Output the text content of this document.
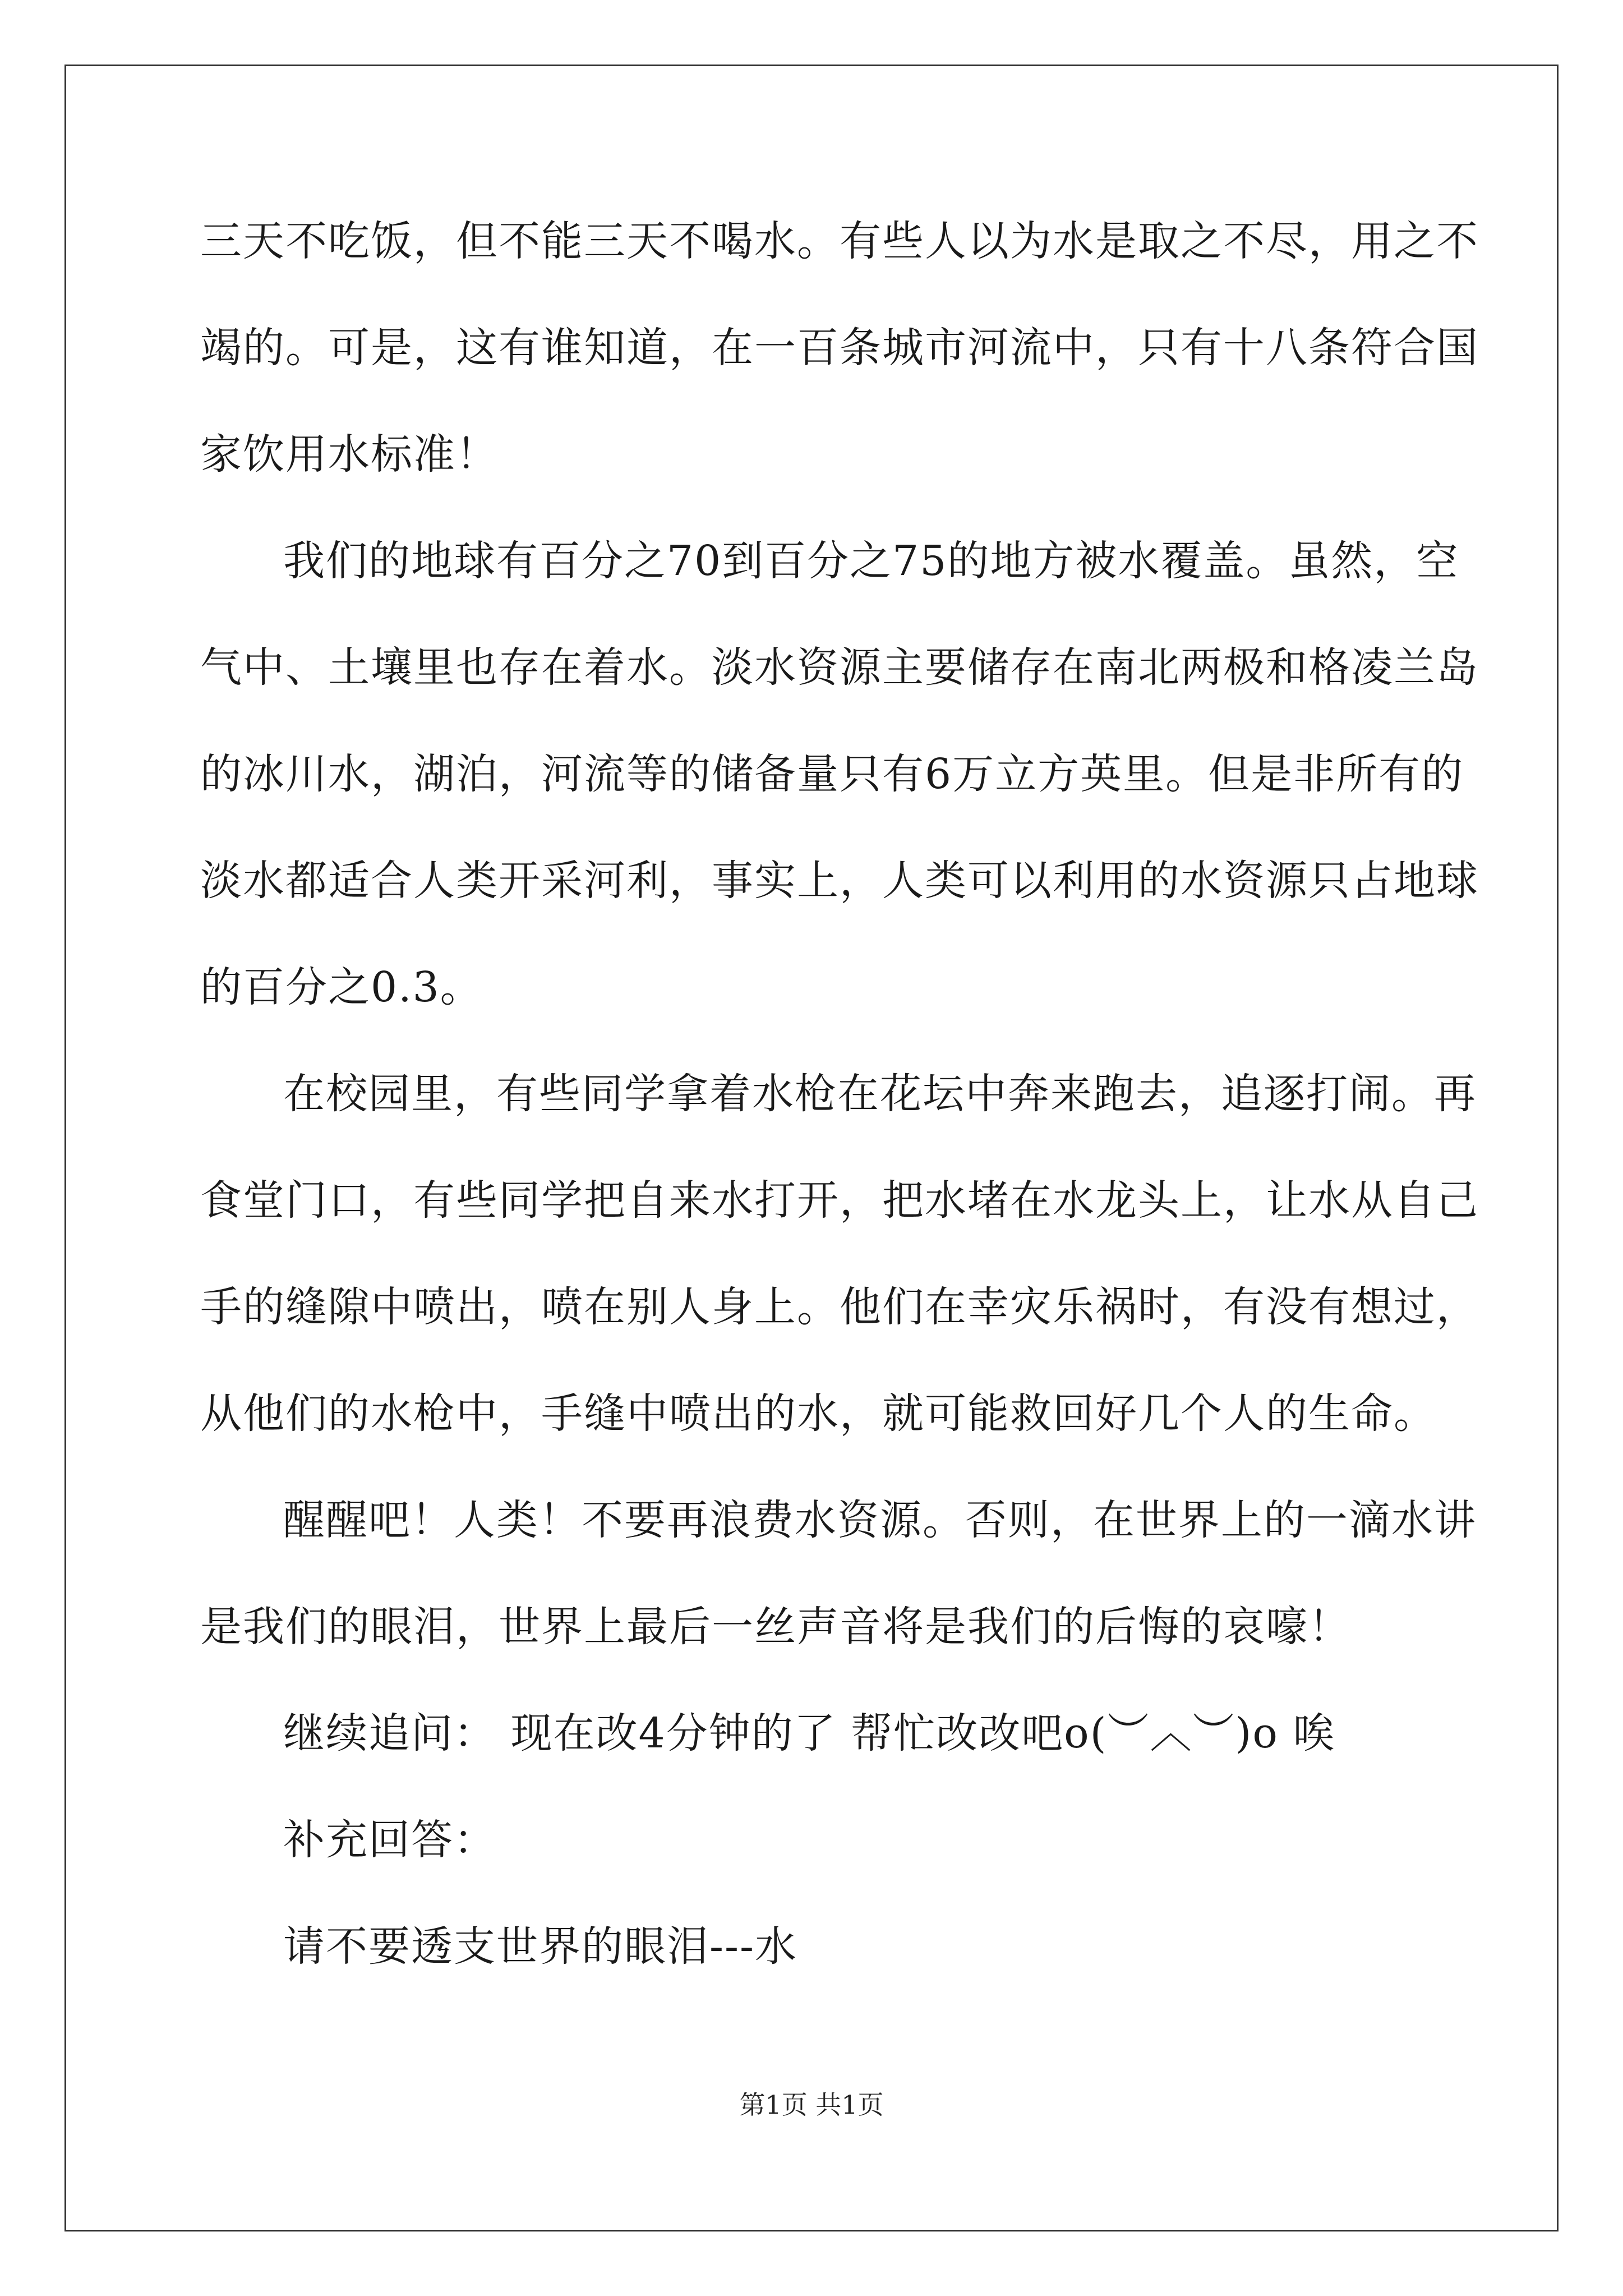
三天不吃饭，但不能三天不喝水。有些人以为水是取之不尽，用之不
竭的。可是，这有谁知道，在一百条城市河流中，只有十八条符合国
家饮用水标准！
我们的地球有百分之70到百分之75的地方被水覆盖。虽然，空
气中、土壤里也存在着水。淡水资源主要储存在南北两极和格凌兰岛
的冰川水，湖泊，河流等的储备量只有6万立方英里。但是非所有的
淡水都适合人类开采河利，事实上，人类可以利用的水资源只占地球
的百分之0.3。
在校园里，有些同学拿着水枪在花坛中奔来跑去，追逐打闹。再
食堂门口，有些同学把自来水打开，把水堵在水龙头上，让水从自己
手的缝隙中喷出，喷在别人身上。他们在幸灾乐祸时，有没有想过，
从他们的水枪中，手缝中喷出的水，就可能救回好几个人的生命。
醒醒吧！人类！不要再浪费水资源。否则，在世界上的一滴水讲
是我们的眼泪，世界上最后一丝声音将是我们的后悔的哀嚎！
继续追问： 现在改4分钟的了 帮忙改改吧o(︶︿︶)o 唉
补充回答：
请不要透支世界的眼泪---水
第1页 共1页
